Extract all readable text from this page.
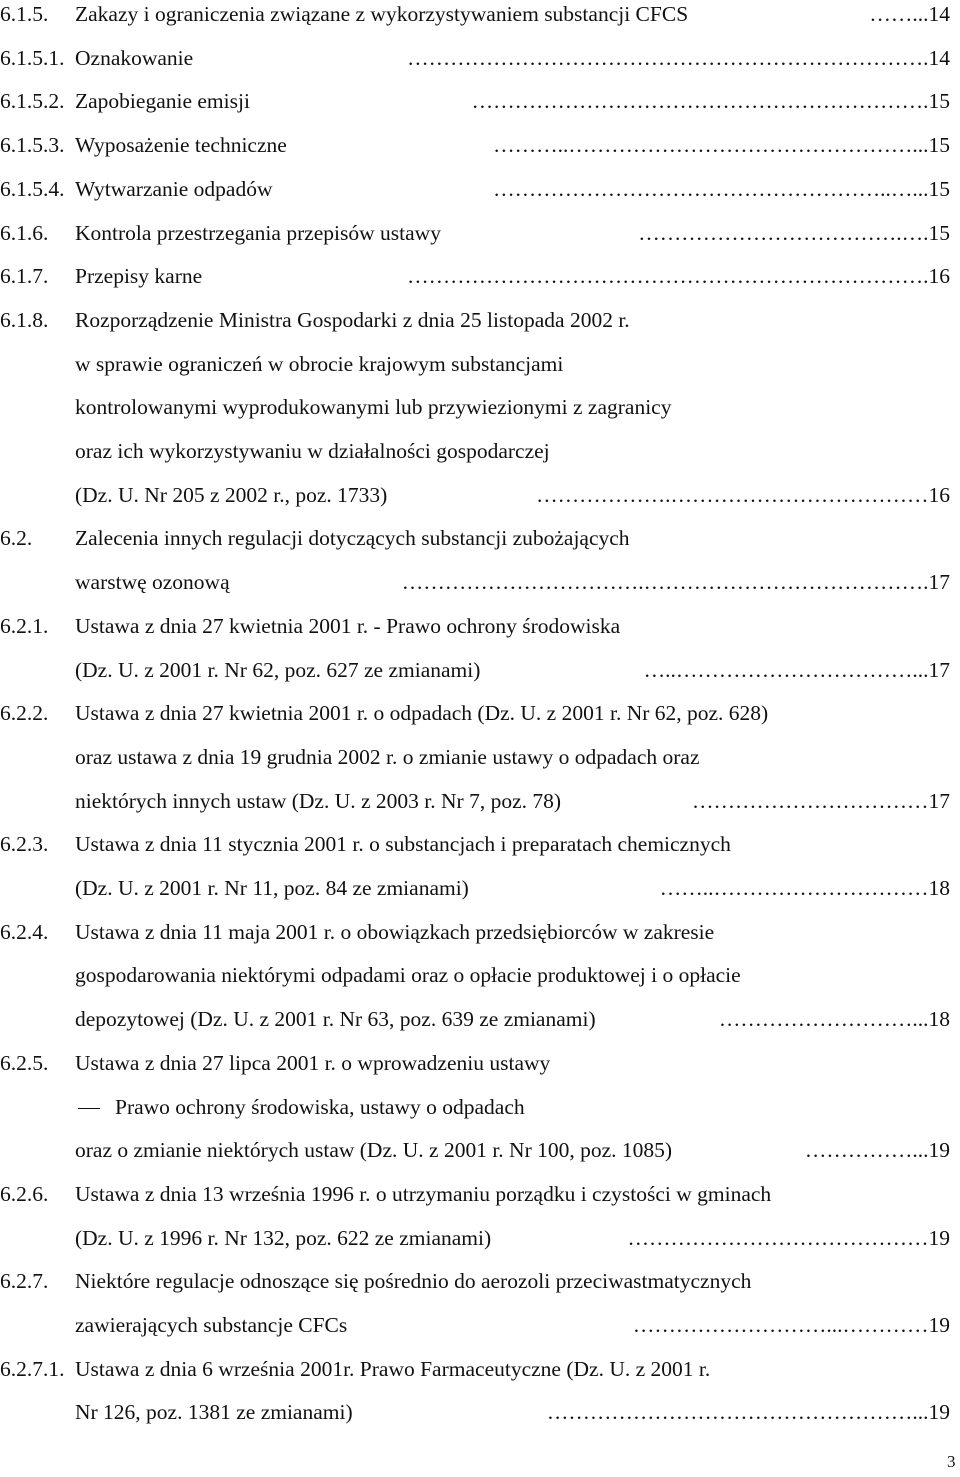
6.1.5. Zakazy i ograniczenia związane z wykorzystywaniem substancji CFCS	14
……...
6.1.5.1. Oznakowanie	14
……………………………………………………………….
6.1.5.2. Zapobieganie emisji	15
……………………………………………………….
6.1.5.3. Wyposażenie techniczne	15
………..…………………………………………...
6.1.5.4. Wytwarzanie odpadów	15
………………………………………………..…...
6.1.6. Kontrola przestrzegania przepisów ustawy	15
……………………………….….
6.1.7. Przepisy karne	16
……………………………………………………………….
6.1.8. Rozporządzenie Ministra Gospodarki z dnia 25 listopada 2002 r.
w sprawie ograniczeń w obrocie krajowym substancjami
kontrolowanymi wyprodukowanymi lub przywiezionymi z zagranicy
oraz ich wykorzystywaniu w działalności gospodarczej
(Dz. U. Nr 205 z 2002 r., poz. 1733)	16
……………….………………………………
6.2. Zalecenia innych regulacji dotyczących substancji zubożających
warstwę ozonową	17
…………………………….………………………………….
6.2.1. Ustawa z dnia 27 kwietnia 2001 r. - Prawo ochrony środowiska
(Dz. U. z 2001 r. Nr 62, poz. 627 ze zmianami)	17
…..……………………………...
6.2.2. Ustawa z dnia 27 kwietnia 2001 r. o odpadach (Dz. U. z 2001 r. Nr 62, poz. 628)
oraz ustawa z dnia 19 grudnia 2002 r. o zmianie ustawy o odpadach oraz
niektórych innych ustaw (Dz. U. z 2003 r. Nr 7, poz. 78)	17
……………………………
6.2.3. Ustawa z dnia 11 stycznia 2001 r. o substancjach i preparatach chemicznych
(Dz. U. z 2001 r. Nr 11, poz. 84 ze zmianami)	18
……..…………………………
6.2.4. Ustawa z dnia 11 maja 2001 r. o obowiązkach przedsiębiorców w zakresie
gospodarowania niektórymi odpadami oraz o opłacie produktowej i o opłacie
depozytowej (Dz. U. z 2001 r. Nr 63, poz. 639 ze zmianami)	18
………………………...
6.2.5. Ustawa z dnia 27 lipca 2001 r. o wprowadzeniu ustawy
Prawo ochrony środowiska, ustawy o odpadach
oraz o zmianie niektórych ustaw (Dz. U. z 2001 r. Nr 100, poz. 1085)	19
……………...
6.2.6. Ustawa z dnia 13 września 1996 r. o utrzymaniu porządku i czystości w gminach
(Dz. U. z 1996 r. Nr 132, poz. 622 ze zmianami)	19
……………………………………
6.2.7. Niektóre regulacje odnoszące się pośrednio do aerozoli przeciwastmatycznych
zawierających substancje CFCs	19
………………………...…………
6.2.7.1. Ustawa z dnia 6 września 2001r. Prawo Farmaceutyczne (Dz. U. z 2001 r.
Nr 126, poz. 1381 ze zmianami)	19
……………………………………………...
3
